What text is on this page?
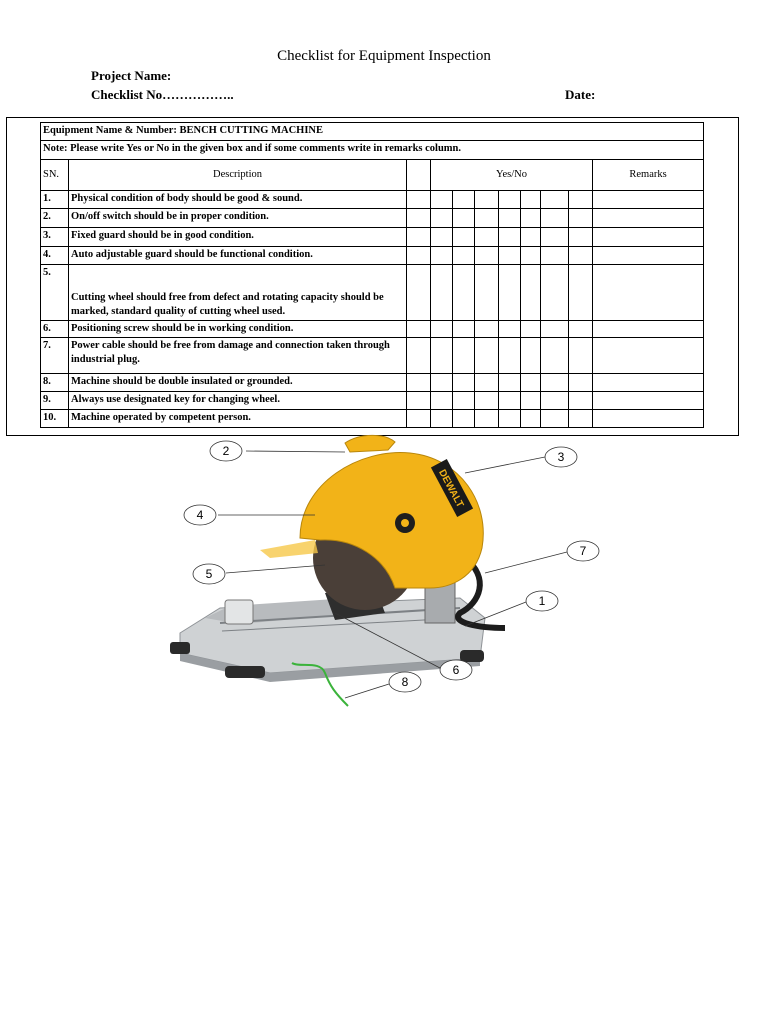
Checklist for Equipment Inspection
Project Name:
Checklist No……………..	Date:
Equipment Name & Number: BENCH CUTTING MACHINE										
Note: Please write Yes or No in the given box and if some comments write in remarks column.										
SN.	Description		Yes/No							Remarks
1.	Physical condition of body should be good & sound.									
2.	On/off switch should be in proper condition.									
3.	Fixed guard should be in good condition.									
4.	Auto adjustable guard should be functional condition.									
5.	Cutting wheel should free from defect and rotating capacity should be marked, standard quality of cutting wheel used.									
6.	Positioning screw should be in working condition.									
7.	Power cable should be free from damage and connection taken through industrial plug.									
8.	Machine should be double insulated or grounded.									
9.	Always use designated key for changing wheel.									
10.	Machine operated by competent person.									
DEWALT
2	3
4
5
7
1
6
8
